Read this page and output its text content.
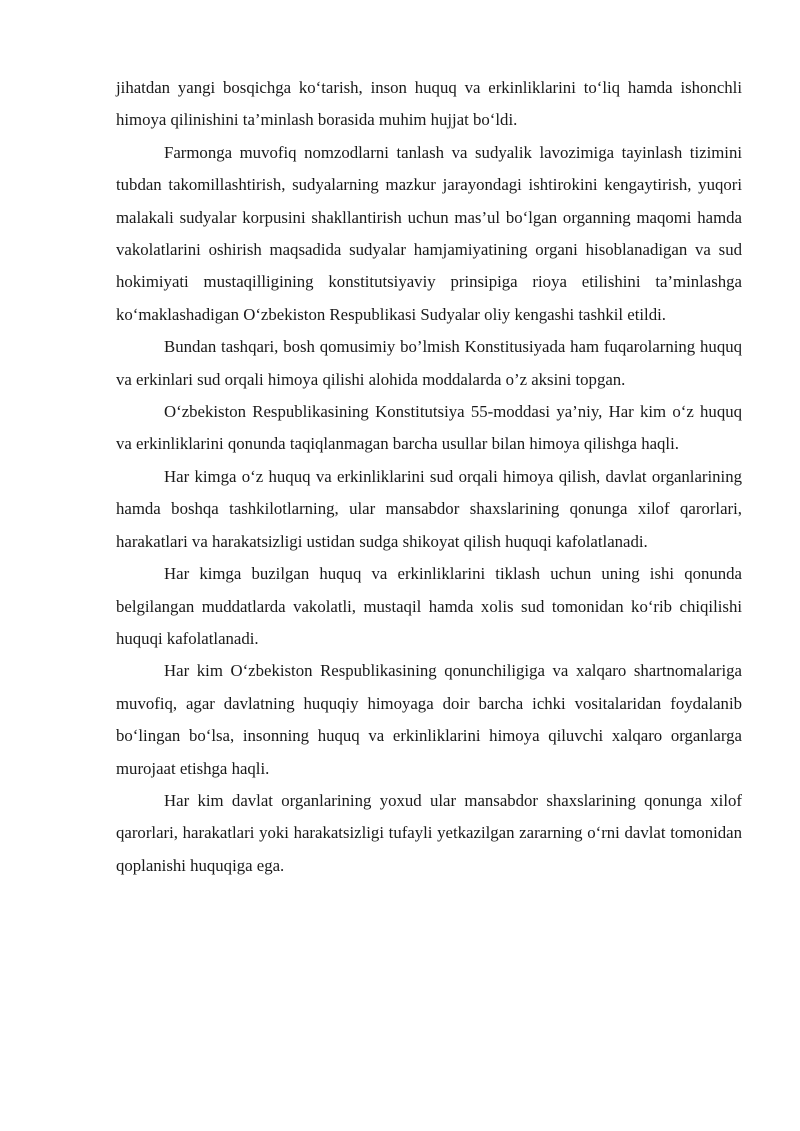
jihatdan yangi bosqichga ko‘tarish, inson huquq va erkinliklarini to‘liq hamda ishonchli himoya qilinishini ta’minlash borasida muhim hujjat bo‘ldi.

Farmonga muvofiq nomzodlarni tanlash va sudyalik lavozimiga tayinlash tizimini tubdan takomillashtirish, sudyalarning mazkur jarayondagi ishtirokini kengaytirish, yuqori malakali sudyalar korpusini shakllantirish uchun mas’ul bo‘lgan organning maqomi hamda vakolatlarini oshirish maqsadida sudyalar hamjamiyatining organi hisoblanadigan va sud hokimiyati mustaqilligining konstitutsiyaviy prinsipiga rioya etilishini ta’minlashga ko‘maklashadigan O‘zbekiston Respublikasi Sudyalar oliy kengashi tashkil etildi.

Bundan tashqari, bosh qomusimiy bo’lmish Konstitusiyada ham fuqarolarning huquq va erkinlari sud orqali himoya qilishi alohida moddalarda o’z aksini topgan.

O‘zbekiston Respublikasining Konstitutsiya 55-moddasi ya’niy, Har kim o‘z huquq va erkinliklarini qonunda taqiqlanmagan barcha usullar bilan himoya qilishga haqli.

Har kimga o‘z huquq va erkinliklarini sud orqali himoya qilish, davlat organlarining hamda boshqa tashkilotlarning, ular mansabdor shaxslarining qonunga xilof qarorlari, harakatlari va harakatsizligi ustidan sudga shikoyat qilish huquqi kafolatlanadi.

Har kimga buzilgan huquq va erkinliklarini tiklash uchun uning ishi qonunda belgilangan muddatlarda vakolatli, mustaqil hamda xolis sud tomonidan ko‘rib chiqilishi huquqi kafolatlanadi.

Har kim O‘zbekiston Respublikasining qonunchiligiga va xalqaro shartnomalariga muvofiq, agar davlatning huquqiy himoyaga doir barcha ichki vositalaridan foydalanib bo‘lingan bo‘lsa, insonning huquq va erkinliklarini himoya qiluvchi xalqaro organlarga murojaat etishga haqli.

Har kim davlat organlarining yoxud ular mansabdor shaxslarining qonunga xilof qarorlari, harakatlari yoki harakatsizligi tufayli yetkazilgan zararning o‘rni davlat tomonidan qoplanishi huquqiga ega.
